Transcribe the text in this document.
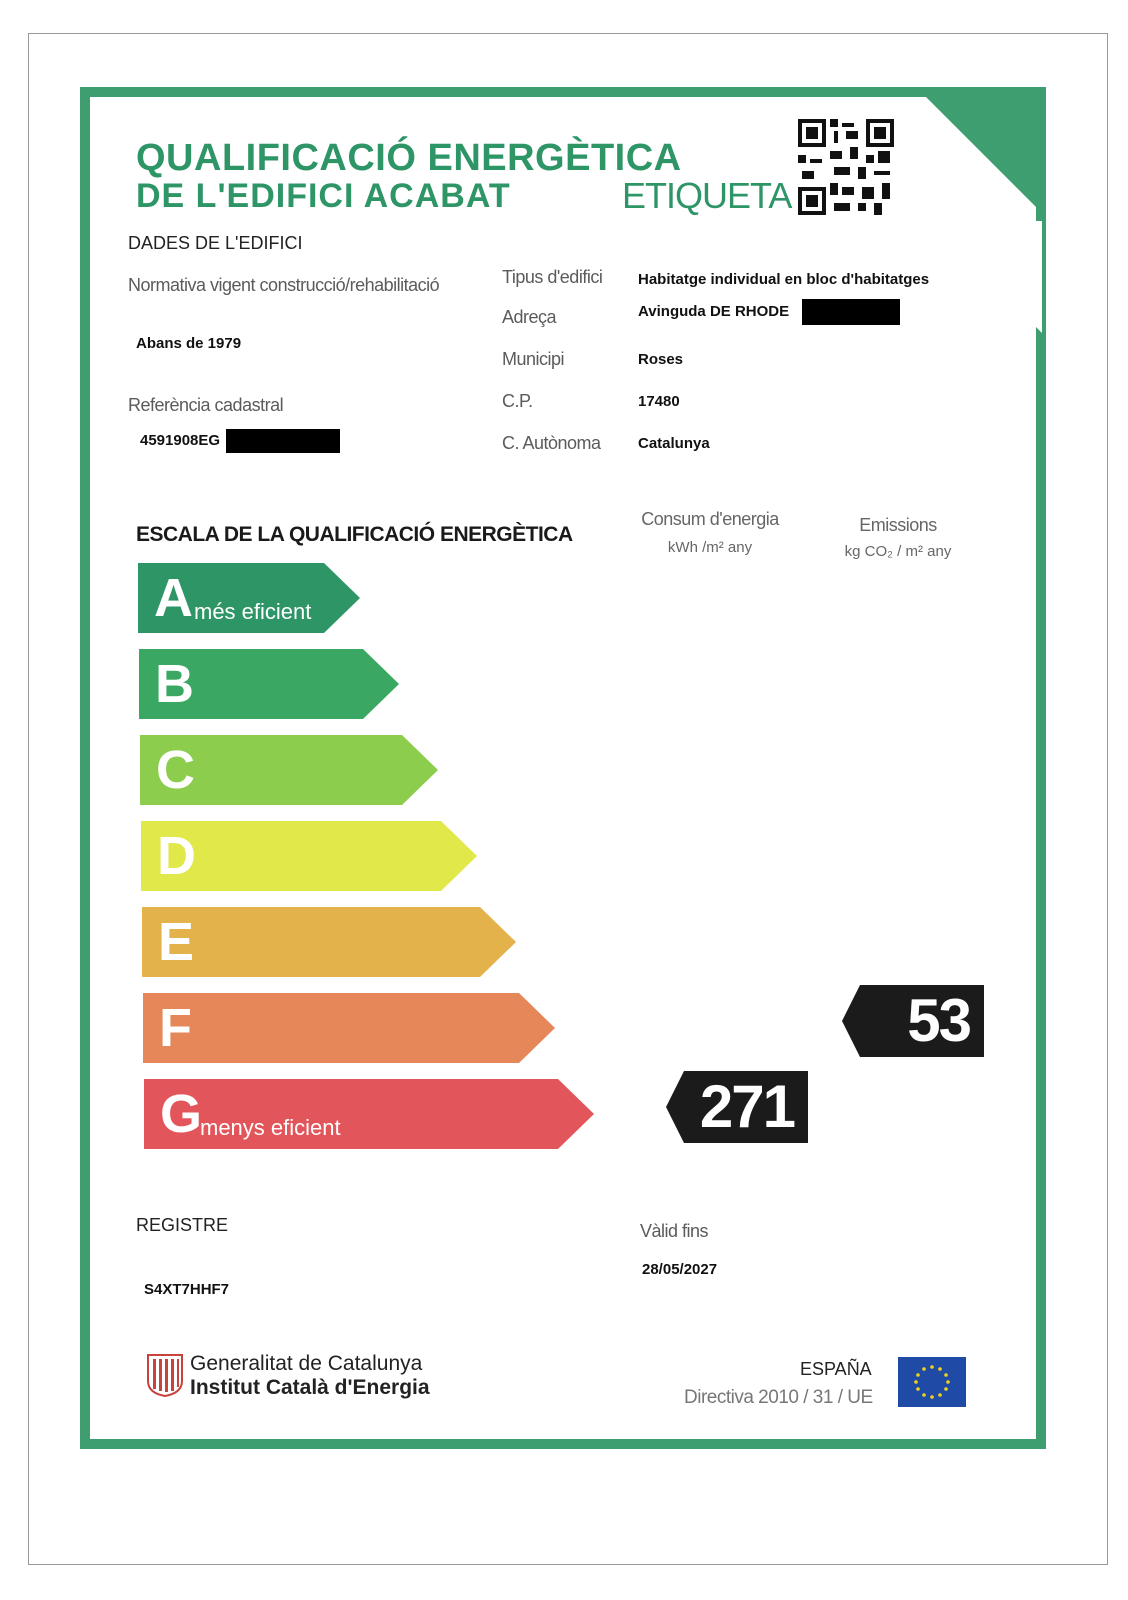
QUALIFICACIÓ ENERGÈTICA
DE L'EDIFICI ACABAT	ETIQUETA
DADES DE L'EDIFICI
Normativa vigent construcció/rehabilitació
Abans de 1979
Referència cadastral
4591908EG
Tipus d'edifici Habitatge individual en bloc d'habitatges
Adreça	Avinguda DE RHODE
Municipi	Roses
C.P.	17480
C. Autònoma Catalunya
ESCALA DE LA QUALIFICACIÓ ENERGÈTICA
Consum d'energia
kWh /m² any
Emissions
kg CO₂ / m² any
A més eficient
B
C
D
E
F
G
menys eficient	271
53
REGISTRE
S4XT7HHF7
Vàlid fins
28/05/2027
Generalitat de Catalunya
Institut Català d'Energia
ESPAÑA
Directiva 2010 / 31 / UE
